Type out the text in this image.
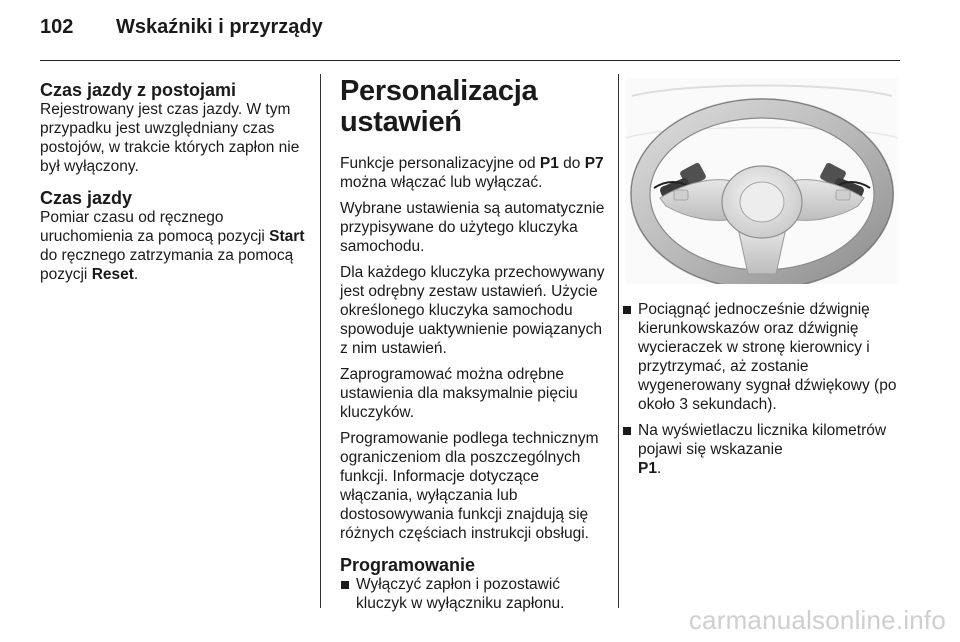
102 Wskaźniki i przyrządy
Czas jazdy z postojami

Rejestrowany jest czas jazdy. W tym przypadku jest uwzględniany czas postojów, w trakcie których zapłon nie był wyłączony.

Czas jazdy

Pomiar czasu od ręcznego uruchomienia za pomocą pozycji Start do ręcznego zatrzymania za pomocą pozycji Reset.

Personalizacja ustawień

Funkcje personalizacyjne od P1 do P7 można włączać lub wyłączać.

Wybrane ustawienia są automatycznie przypisywane do użytego kluczyka samochodu.

Dla każdego kluczyka przechowywany jest odrębny zestaw ustawień. Użycie określonego kluczyka samochodu spowoduje uaktywnienie powiązanych z nim ustawień.

Zaprogramować można odrębne ustawienia dla maksymalnie pięciu kluczyków.

Programowanie podlega technicznym ograniczeniom dla poszczególnych funkcji. Informacje dotyczące włączania, wyłączania lub dostosowywania funkcji znajdują się różnych częściach instrukcji obsługi.

Programowanie
Wyłączyć zapłon i pozostawić kluczyk w wyłączniku zapłonu.
Pociągnąć jednocześnie dźwignię kierunkowskazów oraz dźwignię wycieraczek w stronę kierownicy i przytrzymać, aż zostanie wygenerowany sygnał dźwiękowy (po około 3 sekundach).
Na wyświetlaczu licznika kilometrów pojawi się wskazanie
P1.
carmanualsonline.info
